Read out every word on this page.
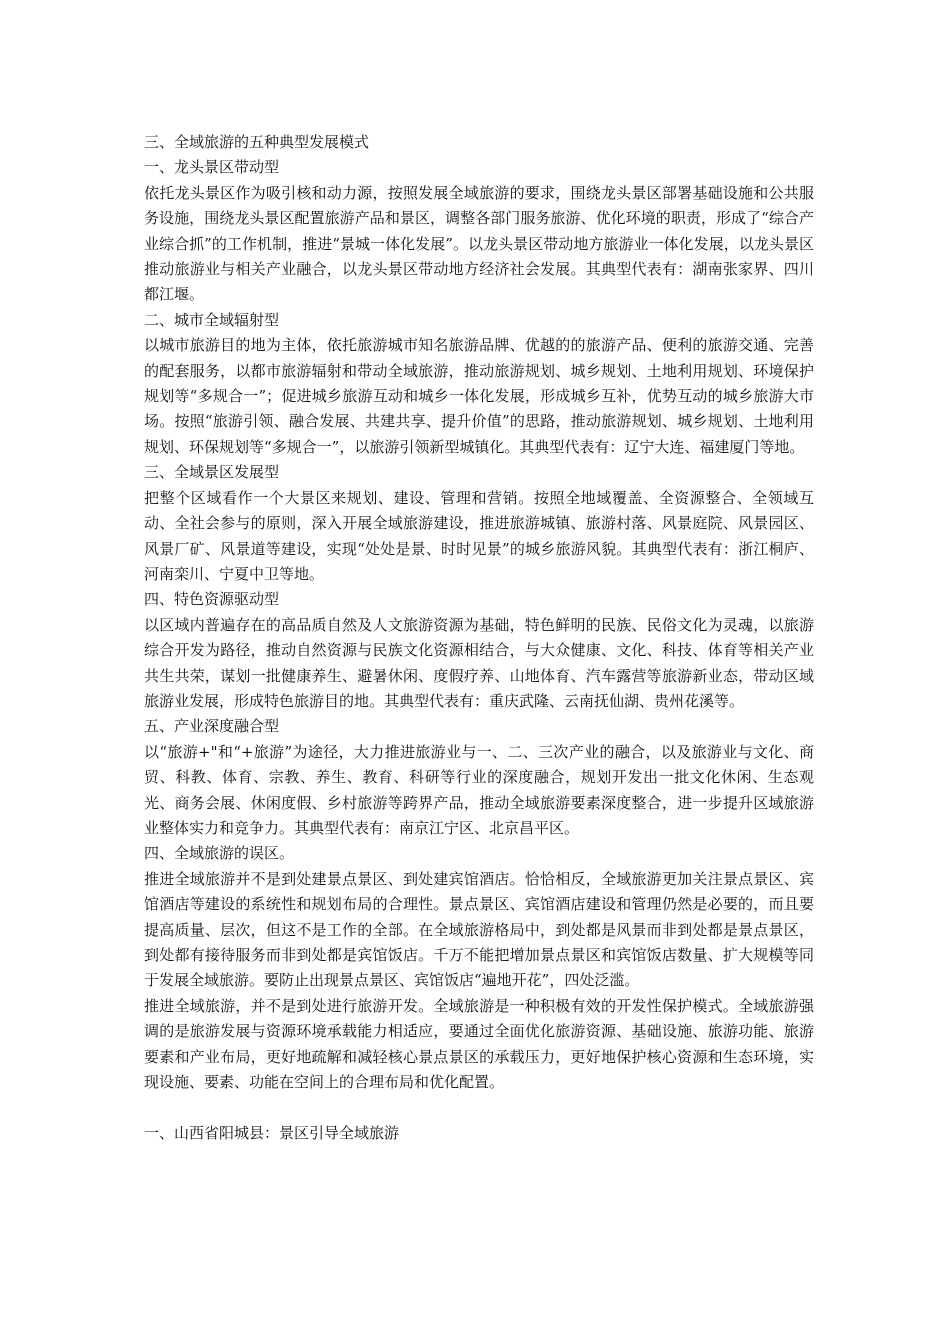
三、全域旅游的五种典型发展模式

一、龙头景区带动型

依托龙头景区作为吸引核和动力源，按照发展全域旅游的要求，围绕龙头景区部署基础设施和公共服务设施，围绕龙头景区配置旅游产品和景区，调整各部门服务旅游、优化环境的职责，形成了“综合产业综合抓”的工作机制，推进“景城一体化发展”。以龙头景区带动地方旅游业一体化发展，以龙头景区推动旅游业与相关产业融合，以龙头景区带动地方经济社会发展。其典型代表有：湖南张家界、四川都江堰。

二、城市全域辐射型

以城市旅游目的地为主体，依托旅游城市知名旅游品牌、优越的的旅游产品、便利的旅游交通、完善的配套服务，以都市旅游辐射和带动全域旅游，推动旅游规划、城乡规划、土地利用规划、环境保护规划等“多规合一”；促进城乡旅游互动和城乡一体化发展，形成城乡互补，优势互动的城乡旅游大市场。按照“旅游引领、融合发展、共建共享、提升价值”的思路，推动旅游规划、城乡规划、土地利用规划、环保规划等“多规合一”，以旅游引领新型城镇化。其典型代表有：辽宁大连、福建厦门等地。

三、全域景区发展型

把整个区域看作一个大景区来规划、建设、管理和营销。按照全地域覆盖、全资源整合、全领域互动、全社会参与的原则，深入开展全域旅游建设，推进旅游城镇、旅游村落、风景庭院、风景园区、风景厂矿、风景道等建设，实现“处处是景、时时见景”的城乡旅游风貌。其典型代表有：浙江桐庐、河南栾川、宁夏中卫等地。

四、特色资源驱动型

以区域内普遍存在的高品质自然及人文旅游资源为基础，特色鲜明的民族、民俗文化为灵魂，以旅游综合开发为路径，推动自然资源与民族文化资源相结合，与大众健康、文化、科技、体育等相关产业共生共荣，谋划一批健康养生、避暑休闲、度假疗养、山地体育、汽车露营等旅游新业态，带动区域旅游业发展，形成特色旅游目的地。其典型代表有：重庆武隆、云南抚仙湖、贵州花溪等。

五、产业深度融合型

以“旅游+"和“+旅游”为途径，大力推进旅游业与一、二、三次产业的融合，以及旅游业与文化、商贸、科教、体育、宗教、养生、教育、科研等行业的深度融合，规划开发出一批文化休闲、生态观光、商务会展、休闲度假、乡村旅游等跨界产品，推动全域旅游要素深度整合，进一步提升区域旅游业整体实力和竞争力。其典型代表有：南京江宁区、北京昌平区。

四、全域旅游的误区。

推进全域旅游并不是到处建景点景区、到处建宾馆酒店。恰恰相反，全域旅游更加关注景点景区、宾馆酒店等建设的系统性和规划布局的合理性。景点景区、宾馆酒店建设和管理仍然是必要的，而且要提高质量、层次，但这不是工作的全部。在全域旅游格局中，到处都是风景而非到处都是景点景区，到处都有接待服务而非到处都是宾馆饭店。千万不能把增加景点景区和宾馆饭店数量、扩大规模等同于发展全域旅游。要防止出现景点景区、宾馆饭店“遍地开花”，四处泛滥。

推进全域旅游，并不是到处进行旅游开发。全域旅游是一种积极有效的开发性保护模式。全域旅游强调的是旅游发展与资源环境承载能力相适应，要通过全面优化旅游资源、基础设施、旅游功能、旅游要素和产业布局，更好地疏解和减轻核心景点景区的承载压力，更好地保护核心资源和生态环境，实现设施、要素、功能在空间上的合理布局和优化配置。

一、山西省阳城县：景区引导全域旅游
